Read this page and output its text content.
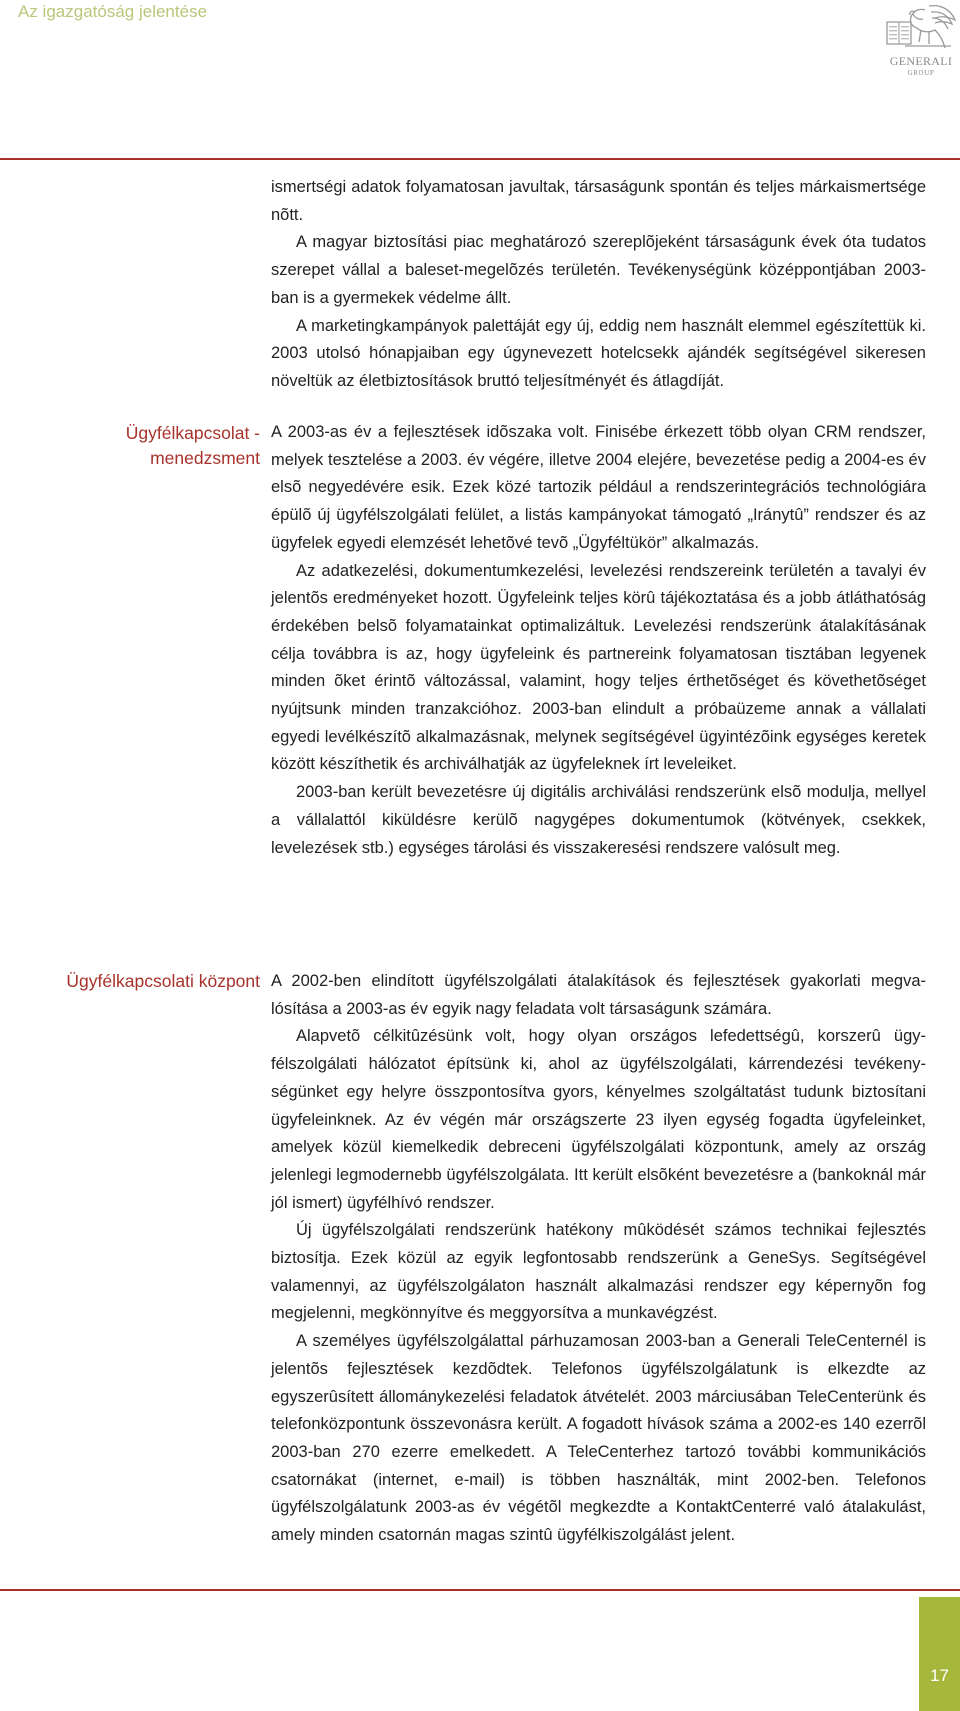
Az igazgatóság jelentése
GENERALI
GROUP

ismertségi adatok folyamatosan javultak, társaságunk spontán és teljes márkaismertsége nõtt.

A magyar biztosítási piac meghatározó szereplõjeként társaságunk évek óta tudatos szerepet vállal a baleset-megelõzés területén. Tevékenységünk középpontjában 2003-ban is a gyermekek védelme állt.

A marketingkampányok palettáját egy új, eddig nem használt elemmel egészítettük ki. 2003 utolsó hónapjaiban egy úgynevezett hotelcsekk ajándék segítségével sikeresen növeltük az életbiztosítások bruttó teljesítményét és átlagdíját.

Ügyfélkapcsolat -
menedzsment

A 2003-as év a fejlesztések idõszaka volt. Finisébe érkezett több olyan CRM rendszer, melyek tesztelése a 2003. év végére, illetve 2004 elejére, bevezetése pedig a 2004-es év elsõ negyedévére esik. Ezek közé tartozik például a rendszerintegrációs technológiára épülõ új ügyfélszolgálati felület, a listás kampányokat támogató „Iránytû” rendszer és az ügyfelek egyedi elemzését lehetõvé tevõ „Ügyféltükör” alkalmazás.

Az adatkezelési, dokumentumkezelési, levelezési rendszereink területén a tavalyi év jelentõs eredményeket hozott. Ügyfeleink teljes körû tájékoztatása és a jobb átláthatóság érdekében belsõ folyamatainkat optimalizáltuk. Levelezési rendszerünk átalakításának célja továbbra is az, hogy ügyfeleink és partnereink folyamatosan tisztában legyenek minden õket érintõ változással, valamint, hogy teljes érthetõséget és követhetõséget nyújtsunk minden tranzakcióhoz. 2003-ban elindult a próbaüzeme annak a vállalati egyedi levélkészítõ alkalmazásnak, melynek segítségével ügyintézõink egységes keretek között készíthetik és archiválhatják az ügyfeleknek írt leveleiket.

2003-ban került bevezetésre új digitális archiválási rendszerünk elsõ modulja, mellyel a vállalattól kiküldésre kerülõ nagygépes dokumentumok (kötvények, csekkek, levelezések stb.) egységes tárolási és visszakeresési rendszere valósult meg.

Ügyfélkapcsolati központ A 2002-ben elindított ügyfélszolgálati átalakítások és fejlesztések gyakorlati megvalósítása a 2003-as év egyik nagy feladata volt társaságunk számára.

Alapvetõ célkitûzésünk volt, hogy olyan országos lefedettségû, korszerû ügyfélszolgálati hálózatot építsünk ki, ahol az ügyfélszolgálati, kárrendezési tevékenységünket egy helyre összpontosítva gyors, kényelmes szolgáltatást tudunk biztosítani ügyfeleinknek. Az év végén már országszerte 23 ilyen egység fogadta ügyfeleinket, amelyek közül kiemelkedik debreceni ügyfélszolgálati központunk, amely az ország jelenlegi legmodernebb ügyfélszolgálata. Itt került elsõként bevezetésre a (bankoknál már jól ismert) ügyfélhívó rendszer.

Új ügyfélszolgálati rendszerünk hatékony mûködését számos technikai fejlesztés biztosítja. Ezek közül az egyik legfontosabb rendszerünk a GeneSys. Segítségével valamennyi, az ügyfélszolgálaton használt alkalmazási rendszer egy képernyõn fog megjelenni, megkönnyítve és meggyorsítva a munkavégzést.

A személyes ügyfélszolgálattal párhuzamosan 2003-ban a Generali TeleCenternél is jelentõs fejlesztések kezdõdtek. Telefonos ügyfélszolgálatunk is elkezdte az egyszerûsített állománykezelési feladatok átvételét. 2003 márciusában TeleCenterünk és telefonközpontunk összevonásra került. A fogadott hívások száma a 2002-es 140 ezerrõl 2003-ban 270 ezerre emelkedett. A TeleCenterhez tartozó további kommunikációs csatornákat (internet, e-mail) is többen használták, mint 2002-ben. Telefonos ügyfélszolgálatunk 2003-as év végétõl megkezdte a KontaktCenterré való átalakulást, amely minden csatornán magas szintû ügyfélkiszolgálást jelent.

17
